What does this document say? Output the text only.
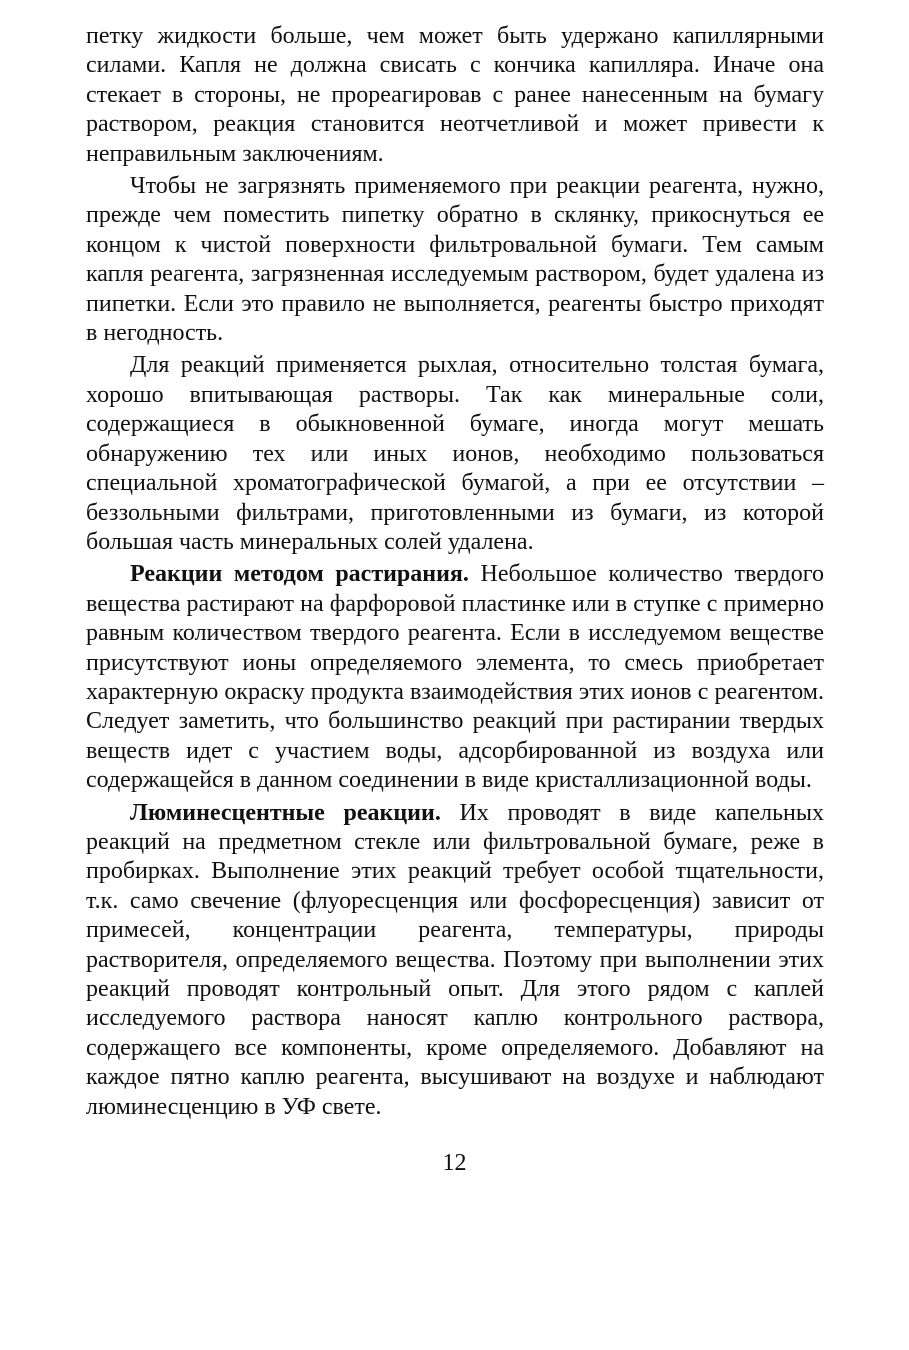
петку жидкости больше, чем может быть удержано капиллярными силами. Капля не должна свисать с кончика капилляра. Иначе она стекает в стороны, не прореагировав с ранее нанесенным на бумагу раствором, реакция становится неотчетливой и может привести к неправильным заключениям.

Чтобы не загрязнять применяемого при реакции реагента, нужно, прежде чем поместить пипетку обратно в склянку, прикоснуться ее концом к чистой поверхности фильтровальной бумаги. Тем самым капля реагента, загрязненная исследуемым раствором, будет удалена из пипетки. Если это правило не выполняется, реагенты быстро приходят в негодность.

Для реакций применяется рыхлая, относительно толстая бумага, хорошо впитывающая растворы. Так как минеральные соли, содержащиеся в обыкновенной бумаге, иногда могут мешать обнаружению тех или иных ионов, необходимо пользоваться специальной хроматографической бумагой, а при ее отсутствии – беззольными фильтрами, приготовленными из бумаги, из которой большая часть минеральных солей удалена.

Реакции методом растирания. Небольшое количество твердого вещества растирают на фарфоровой пластинке или в ступке с примерно равным количеством твердого реагента. Если в исследуемом веществе присутствуют ионы определяемого элемента, то смесь приобретает характерную окраску продукта взаимодействия этих ионов с реагентом. Следует заметить, что большинство реакций при растирании твердых веществ идет с участием воды, адсорбированной из воздуха или содержащейся в данном соединении в виде кристаллизационной воды.

Люминесцентные реакции. Их проводят в виде капельных реакций на предметном стекле или фильтровальной бумаге, реже в пробирках. Выполнение этих реакций требует особой тщательности, т.к. само свечение (флуоресценция или фосфоресценция) зависит от примесей, концентрации реагента, температуры, природы растворителя, определяемого вещества. Поэтому при выполнении этих реакций проводят контрольный опыт. Для этого рядом с каплей исследуемого раствора наносят каплю контрольного раствора, содержащего все компоненты, кроме определяемого. Добавляют на каждое пятно каплю реагента, высушивают на воздухе и наблюдают люминесценцию в УФ свете.

12
